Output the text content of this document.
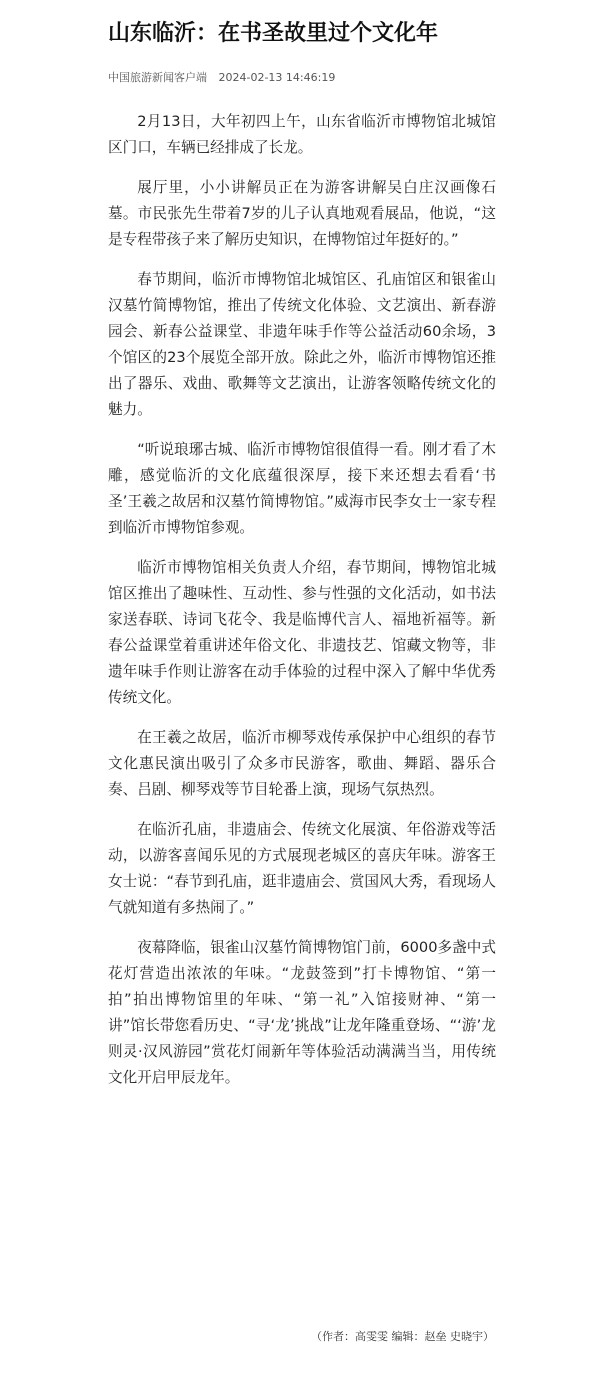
山东临沂：在书圣故里过个文化年
中国旅游新闻客户端 2024-02-13 14:46:19

2月13日，大年初四上午，山东省临沂市博物馆北城馆区门口，车辆已经排成了长龙。

展厅里，小小讲解员正在为游客讲解吴白庄汉画像石墓。市民张先生带着7岁的儿子认真地观看展品，他说，“这是专程带孩子来了解历史知识，在博物馆过年挺好的。”

春节期间，临沂市博物馆北城馆区、孔庙馆区和银雀山汉墓竹简博物馆，推出了传统文化体验、文艺演出、新春游园会、新春公益课堂、非遗年味手作等公益活动60余场，3个馆区的23个展览全部开放。除此之外，临沂市博物馆还推出了器乐、戏曲、歌舞等文艺演出，让游客领略传统文化的魅力。

“听说琅琊古城、临沂市博物馆很值得一看。刚才看了木雕，感觉临沂的文化底蕴很深厚，接下来还想去看看‘书圣’王羲之故居和汉墓竹简博物馆。”威海市民李女士一家专程到临沂市博物馆参观。

临沂市博物馆相关负责人介绍，春节期间，博物馆北城馆区推出了趣味性、互动性、参与性强的文化活动，如书法家送春联、诗词飞花令、我是临博代言人、福地祈福等。新春公益课堂着重讲述年俗文化、非遗技艺、馆藏文物等，非遗年味手作则让游客在动手体验的过程中深入了解中华优秀传统文化。

在王羲之故居，临沂市柳琴戏传承保护中心组织的春节文化惠民演出吸引了众多市民游客，歌曲、舞蹈、器乐合奏、吕剧、柳琴戏等节目轮番上演，现场气氛热烈。

在临沂孔庙，非遗庙会、传统文化展演、年俗游戏等活动，以游客喜闻乐见的方式展现老城区的喜庆年味。游客王女士说：“春节到孔庙，逛非遗庙会、赏国风大秀，看现场人气就知道有多热闹了。”

夜幕降临，银雀山汉墓竹简博物馆门前，6000多盏中式花灯营造出浓浓的年味。“龙鼓签到”打卡博物馆、“第一拍”拍出博物馆里的年味、“第一礼”入馆接财神、“第一讲”馆长带您看历史、“寻‘龙’挑战”让龙年隆重登场、“‘游’龙则灵·汉风游园”赏花灯闹新年等体验活动满满当当，用传统文化开启甲辰龙年。

（作者：高雯雯 编辑：赵垒 史晓宇）
